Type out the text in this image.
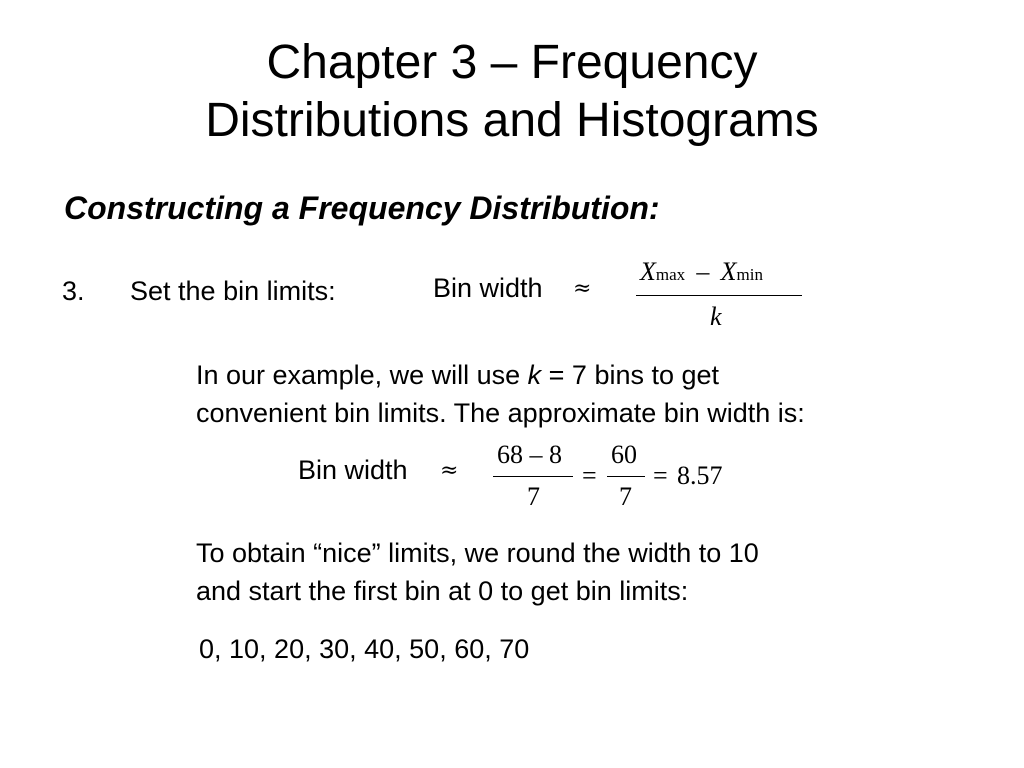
Chapter 3 – Frequency
Distributions and Histograms
Constructing a Frequency Distribution:
3. Set the bin limits:	Bin width ≈
Xmax – Xmin
k
In our example, we will use k = 7 bins to get
convenient bin limits. The approximate bin width is:
Bin width ≈
68 – 8
7
=
60
7
= 8.57
To obtain “nice” limits, we round the width to 10
and start the first bin at 0 to get bin limits:
0, 10, 20, 30, 40, 50, 60, 70
